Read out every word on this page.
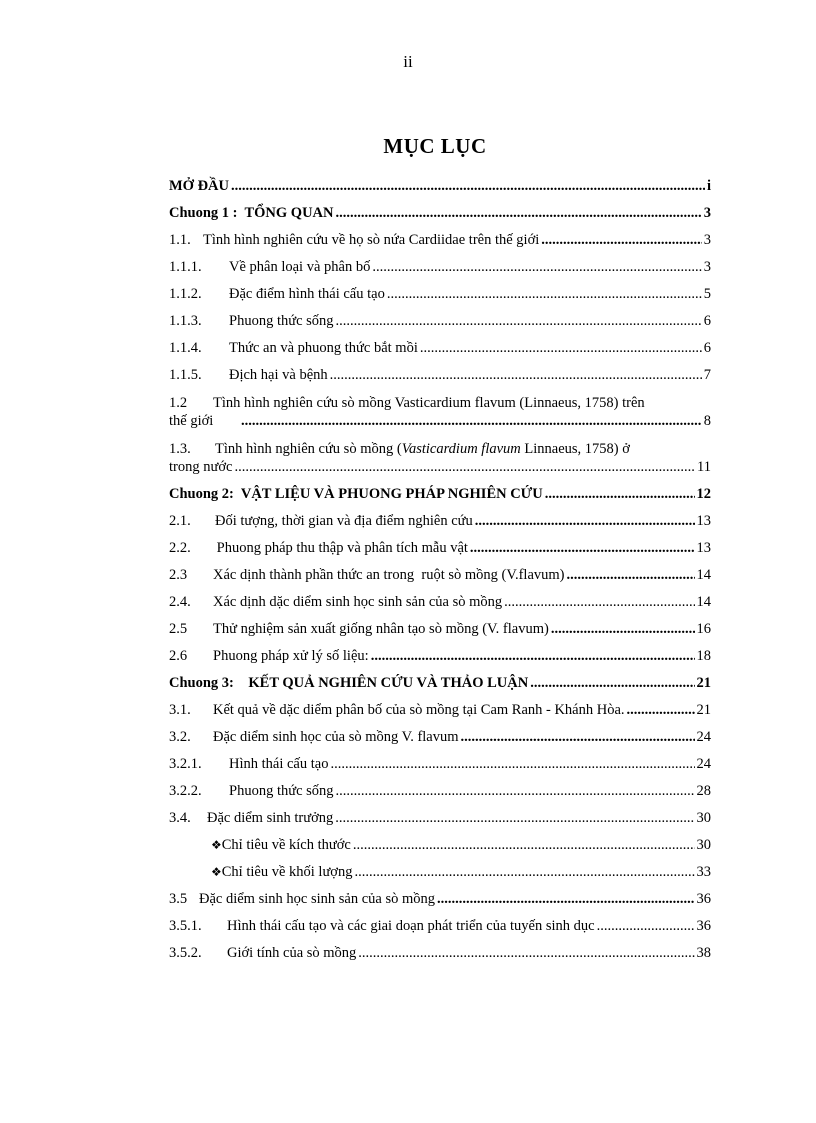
ii
MỤC LỤC
MỞ ĐẦU .....	i
Chuong 1 :  TỔNG QUAN .....	3
1.1. Tình hình nghiên cứu về họ sò nứa Cardiidae trên thế giới .....	3
1.1.1.	Về phân loại và phân bố .....	3
1.1.2.	Đặc điểm hình thái cấu tạo .....	5
1.1.3.	Phuong thức sống .....	6
1.1.4.	Thức an và phuong thức bắt mồi .....	6
1.1.5.	Địch hại và bệnh .....	7
1.2 Tình hình nghiên cứu sò mồng Vasticardium flavum (Linnaeus, 1758) trên
thế giới .....	8
1.3. Tình hình nghiên cứu sò mồng (Vasticardium flavum Linnaeus, 1758) ở
trong nước .....	11
Chuong 2:  VẬT LIỆU VÀ PHUONG PHÁP NGHIÊN CỨU .....	12
2.1.	Đối tượng, thời gian và địa điểm nghiên cứu .....	13
2.2.	Phuong pháp thu thập và phân tích mẫu vật .....	13
2.3	Xác dịnh thành phần thức an trong  ruột sò mồng (V.flavum) .....	14
2.4.	Xác dịnh dặc diểm sinh học sinh sản của sò mồng .....	14
2.5	Thử nghiệm sản xuất giống nhân tạo sò mồng (V. flavum) .....	16
2.6	Phuong pháp xử lý số liệu: .....	18
Chuong 3:    KẾT QUẢ NGHIÊN CỨU VÀ THẢO LUẬN .....	21
3.1.	Kết quả về dặc diểm phân bố của sò mồng tại Cam Ranh - Khánh Hòa. .....	21
3.2.	Đặc diểm sinh học của sò mồng V. flavum .....	24
3.2.1.	Hình thái cấu tạo .....	24
3.2.2.	Phuong thức sống .....	28
3.4.	Đặc diểm sinh trưởng .....	30
❖ Chỉ tiêu về kích thước .....	30
❖ Chỉ tiêu về khối lượng .....	33
3.5 Đặc diểm sinh học sinh sản của sò mồng .....	36
3.5.1.	Hình thái cấu tạo và các giai doạn phát triển của tuyến sinh dục .....	36
3.5.2.	Giới tính của sò mồng .....	38
